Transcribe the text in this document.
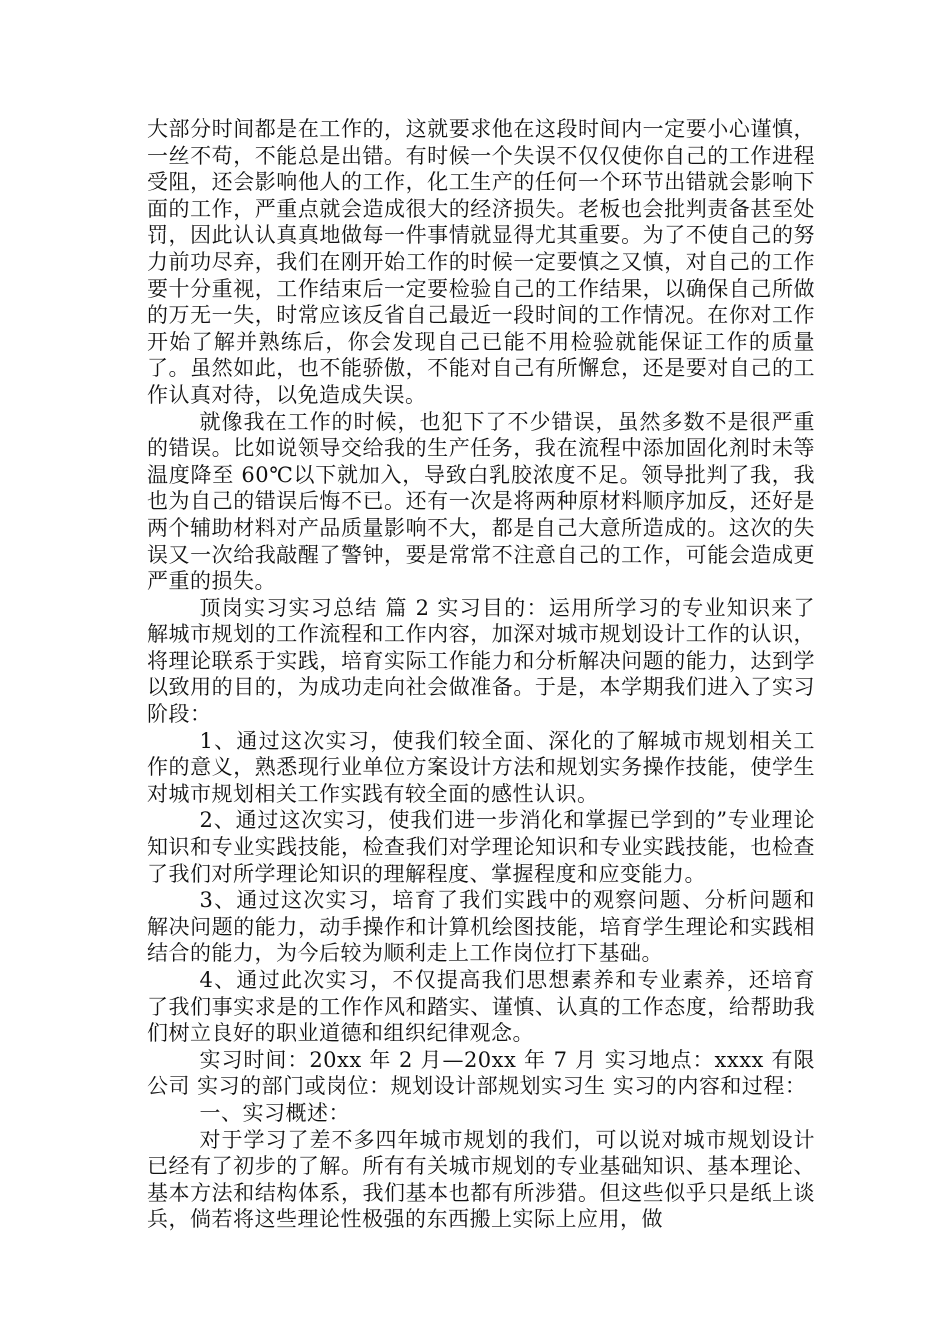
大部分时间都是在工作的，这就要求他在这段时间内一定要小心谨慎，一丝不苟，不能总是出错。有时候一个失误不仅仅使你自己的工作进程受阻，还会影响他人的工作，化工生产的任何一个环节出错就会影响下面的工作，严重点就会造成很大的经济损失。老板也会批判责备甚至处罚，因此认认真真地做每一件事情就显得尤其重要。为了不使自己的努力前功尽弃，我们在刚开始工作的时候一定要慎之又慎，对自己的工作要十分重视，工作结束后一定要检验自己的工作结果，以确保自己所做的万无一失，时常应该反省自己最近一段时间的工作情况。在你对工作开始了解并熟练后，你会发现自己已能不用检验就能保证工作的质量了。虽然如此，也不能骄傲，不能对自己有所懈怠，还是要对自己的工作认真对待，以免造成失误。

就像我在工作的时候，也犯下了不少错误，虽然多数不是很严重的错误。比如说领导交给我的生产任务，我在流程中添加固化剂时未等温度降至 60℃以下就加入，导致白乳胶浓度不足。领导批判了我，我也为自己的错误后悔不已。还有一次是将两种原材料顺序加反，还好是两个辅助材料对产品质量影响不大，都是自己大意所造成的。这次的失误又一次给我敲醒了警钟，要是常常不注意自己的工作，可能会造成更严重的损失。

顶岗实习实习总结 篇 2 实习目的：运用所学习的专业知识来了解城市规划的工作流程和工作内容，加深对城市规划设计工作的认识，将理论联系于实践，培育实际工作能力和分析解决问题的能力，达到学以致用的目的，为成功走向社会做准备。于是，本学期我们进入了实习阶段：

1、通过这次实习，使我们较全面、深化的了解城市规划相关工作的意义，熟悉现行业单位方案设计方法和规划实务操作技能，使学生对城市规划相关工作实践有较全面的感性认识。

2、通过这次实习，使我们进一步消化和掌握已学到的”专业理论知识和专业实践技能，检查我们对学理论知识和专业实践技能，也检查了我们对所学理论知识的理解程度、掌握程度和应变能力。

3、通过这次实习，培育了我们实践中的观察问题、分析问题和解决问题的能力，动手操作和计算机绘图技能，培育学生理论和实践相结合的能力，为今后较为顺利走上工作岗位打下基础。

4、通过此次实习，不仅提高我们思想素养和专业素养，还培育了我们事实求是的工作作风和踏实、谨慎、认真的工作态度，给帮助我们树立良好的职业道德和组织纪律观念。

实习时间：20xx 年 2 月—20xx 年 7 月 实习地点：xxxx 有限公司 实习的部门或岗位：规划设计部规划实习生 实习的内容和过程：

一、实习概述：

对于学习了差不多四年城市规划的我们，可以说对城市规划设计已经有了初步的了解。所有有关城市规划的专业基础知识、基本理论、基本方法和结构体系，我们基本也都有所涉猎。但这些似乎只是纸上谈兵，倘若将这些理论性极强的东西搬上实际上应用，做
